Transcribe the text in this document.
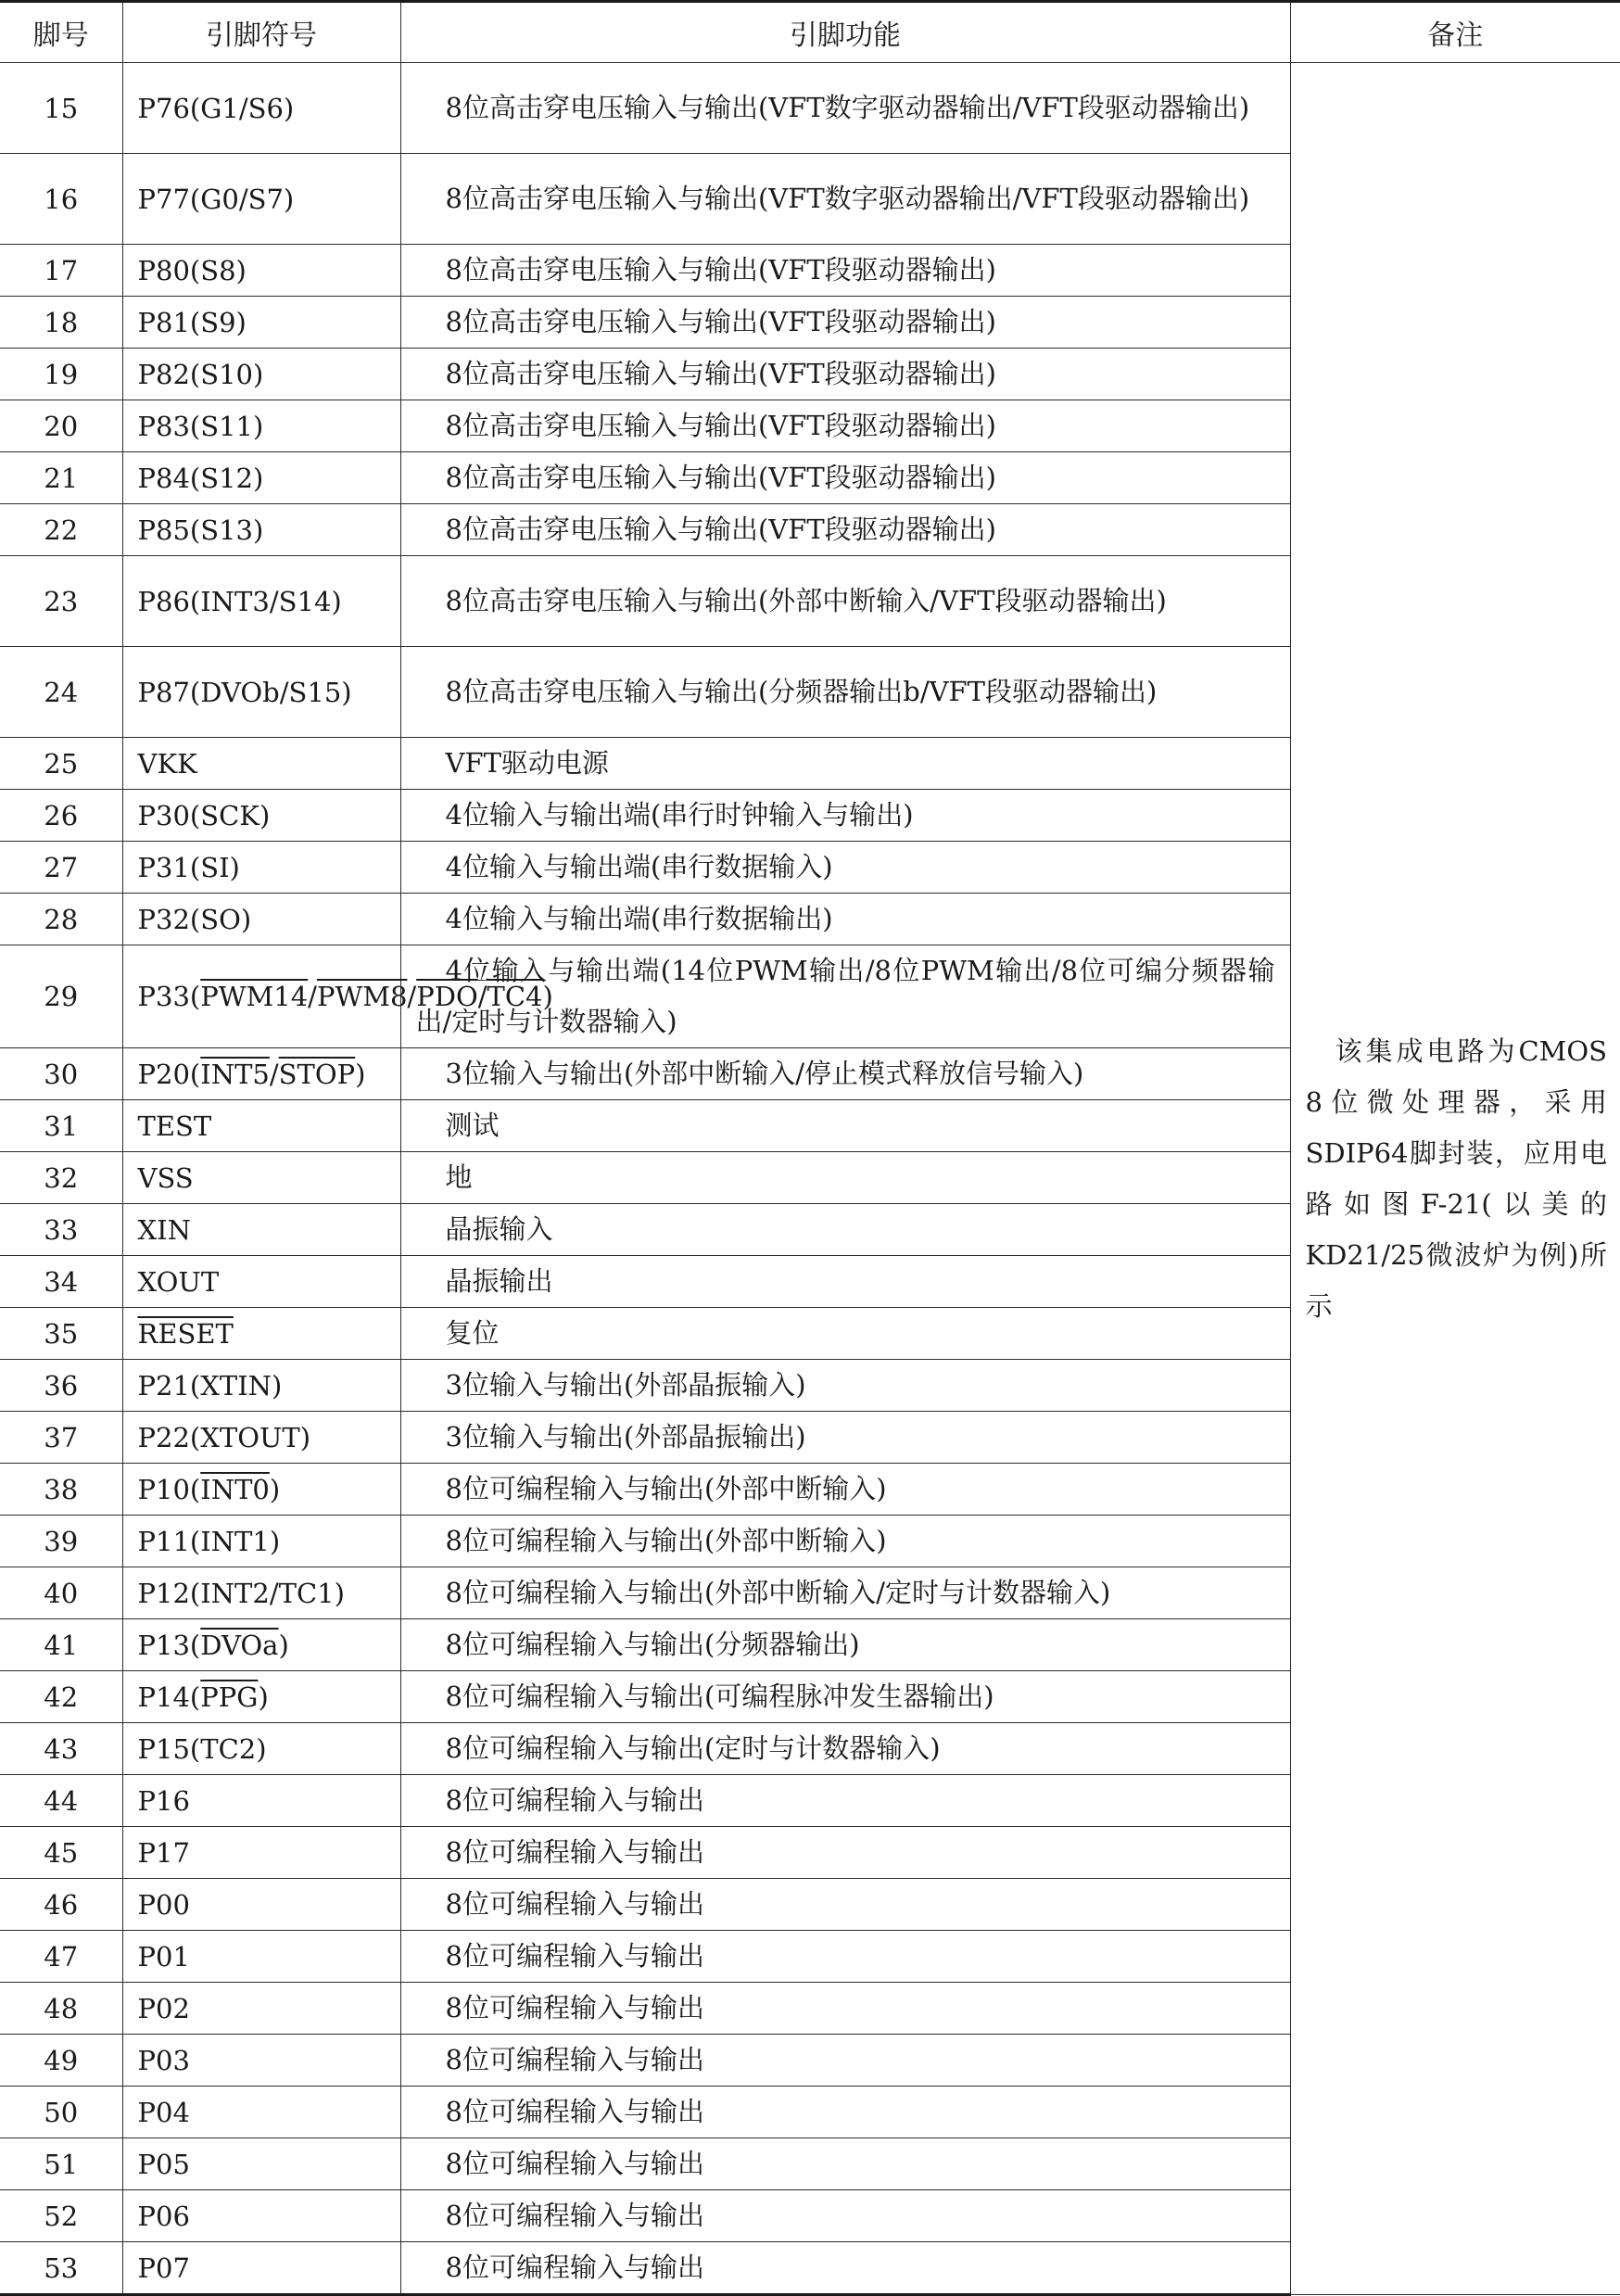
脚号	引脚符号	引脚功能	备注
15	P76(G1/S6)	8位高击穿电压输入与输出(VFT数字驱动器输出/VFT段驱动器输出)	该集成电路为CMOS 8位微处理器，采用SDIP64脚封装，应用电路如图F-21(以美的KD21/25微波炉为例)所示

16	P77(G0/S7)	8位高击穿电压输入与输出(VFT数字驱动器输出/VFT段驱动器输出)	
17	P80(S8)	8位高击穿电压输入与输出(VFT段驱动器输出)	
18	P81(S9)	8位高击穿电压输入与输出(VFT段驱动器输出)	
19	P82(S10)	8位高击穿电压输入与输出(VFT段驱动器输出)	
20	P83(S11)	8位高击穿电压输入与输出(VFT段驱动器输出)	
21	P84(S12)	8位高击穿电压输入与输出(VFT段驱动器输出)	
22	P85(S13)	8位高击穿电压输入与输出(VFT段驱动器输出)	
23	P86(INT3/S14)	8位高击穿电压输入与输出(外部中断输入/VFT段驱动器输出)	
24	P87(DVOb/S15)	8位高击穿电压输入与输出(分频器输出b/VFT段驱动器输出)	
25	VKK	VFT驱动电源	
26	P30(SCK)	4位输入与输出端(串行时钟输入与输出)	
27	P31(SI)	4位输入与输出端(串行数据输入)	
28	P32(SO)	4位输入与输出端(串行数据输出)	
29	$P33(PWM14/PWM8/\overline{PDO}/TC4)$	4位输入与输出端(14位PWM输出/8位PWM输出/8位可编分频器输出/定时与计数器输入)	
30	P20(INT5/STOP)	3位输入与输出(外部中断输入/停止模式释放信号输入)	
31	TEST	测试	
32	VSS	地	
33	XIN	晶振输入	
34	XOUT	晶振输出	
35	RESET	复位	
36	P21(XTIN)	3位输入与输出(外部晶振输入)	
37	P22(XTOUT)	3位输入与输出(外部晶振输出)	
38	P10(INT0)	8位可编程输入与输出(外部中断输入)	
39	P11(INT1)	8位可编程输入与输出(外部中断输入)	
40	P12(INT2/TC1)	8位可编程输入与输出(外部中断输入/定时与计数器输入)	
41	P13(DVOa)	8位可编程输入与输出(分频器输出)	
42	$P14(\overline{PPG})$	8位可编程输入与输出(可编程脉冲发生器输出)	
43	P15(TC2)	8位可编程输入与输出(定时与计数器输入)	
44	P16	8位可编程输入与输出	
45	P17	8位可编程输入与输出	
46	P00	8位可编程输入与输出	
47	P01	8位可编程输入与输出	
48	P02	8位可编程输入与输出	
49	P03	8位可编程输入与输出	
50	P04	8位可编程输入与输出	
51	P05	8位可编程输入与输出	
52	P06	8位可编程输入与输出	
53	P07	8位可编程输入与输出	
